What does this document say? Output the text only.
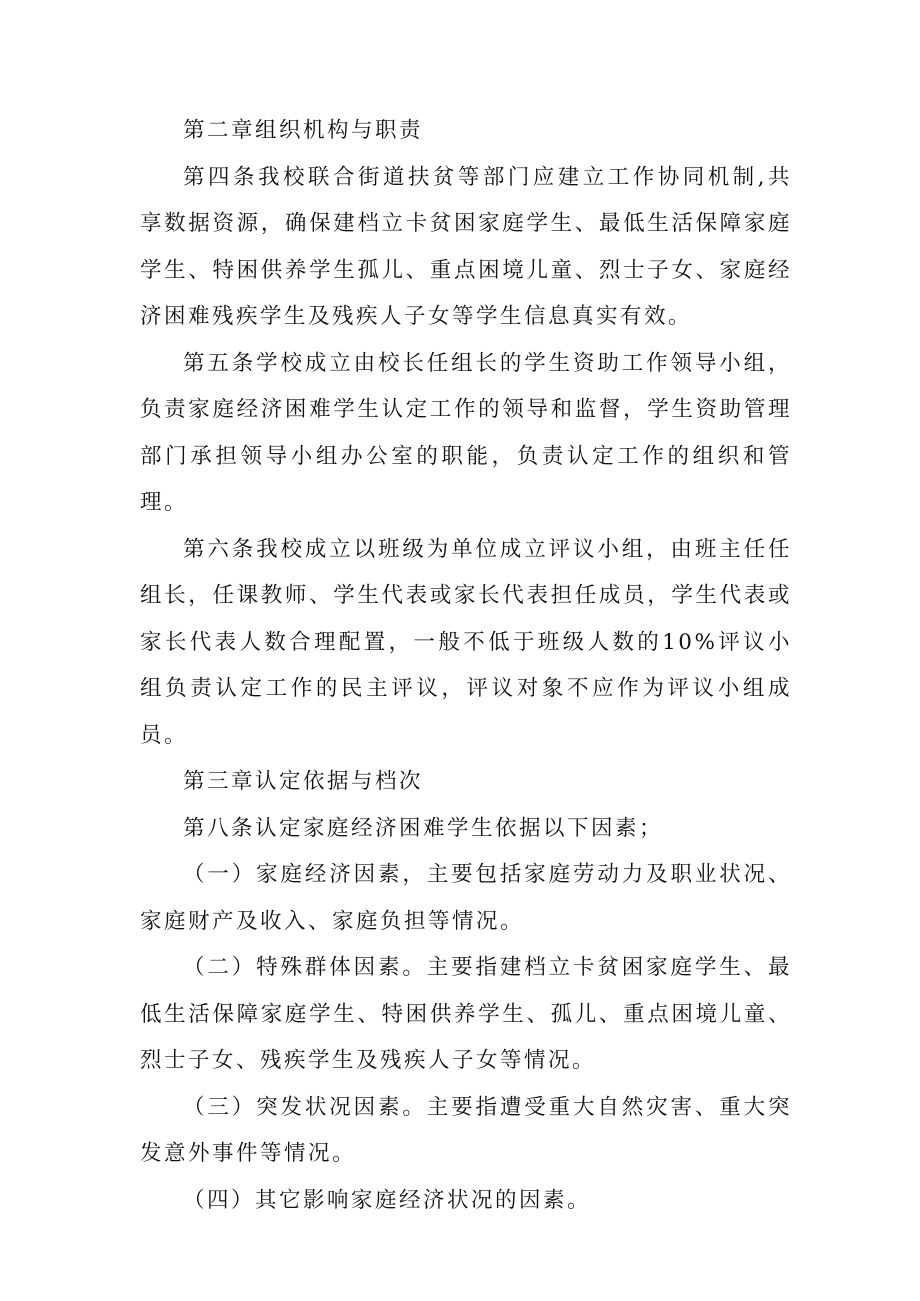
第二章组织机构与职责

第四条我校联合街道扶贫等部门应建立工作协同机制,共享数据资源，确保建档立卡贫困家庭学生、最低生活保障家庭学生、特困供养学生孤儿、重点困境儿童、烈士子女、家庭经济困难残疾学生及残疾人子女等学生信息真实有效。

第五条学校成立由校长任组长的学生资助工作领导小组，负责家庭经济困难学生认定工作的领导和监督，学生资助管理部门承担领导小组办公室的职能，负责认定工作的组织和管理。

第六条我校成立以班级为单位成立评议小组，由班主任任组长，任课教师、学生代表或家长代表担任成员，学生代表或家长代表人数合理配置，一般不低于班级人数的10%评议小组负责认定工作的民主评议，评议对象不应作为评议小组成员。

第三章认定依据与档次

第八条认定家庭经济困难学生依据以下因素；

（一）家庭经济因素，主要包括家庭劳动力及职业状况、家庭财产及收入、家庭负担等情况。

（二）特殊群体因素。主要指建档立卡贫困家庭学生、最低生活保障家庭学生、特困供养学生、孤儿、重点困境儿童、烈士子女、残疾学生及残疾人子女等情况。

（三）突发状况因素。主要指遭受重大自然灾害、重大突发意外事件等情况。

（四）其它影响家庭经济状况的因素。
